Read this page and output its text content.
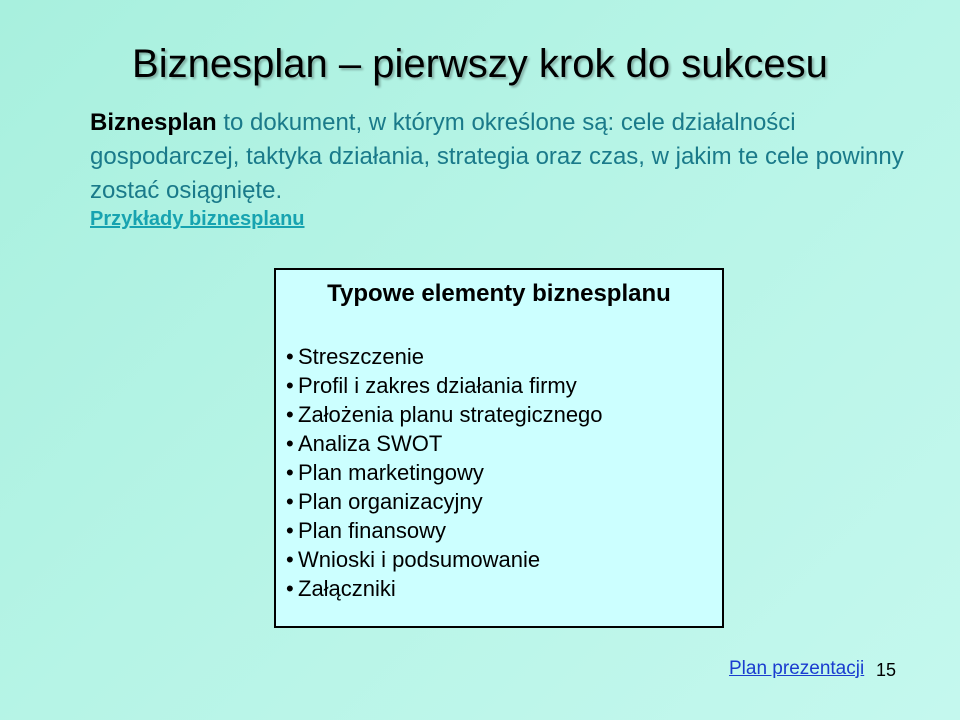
Biznesplan – pierwszy krok do sukcesu

Biznesplan to dokument, w którym określone są: cele działalności gospodarczej, taktyka działania, strategia oraz czas, w jakim te cele powinny zostać osiągnięte.

Przykłady biznesplanu
Typowe elementy biznesplanu
• Streszczenie
• Profil i zakres działania firmy
• Założenia planu strategicznego
• Analiza SWOT
• Plan marketingowy
• Plan organizacyjny
• Plan finansowy
• Wnioski i podsumowanie
• Załączniki
Plan prezentacji 15
